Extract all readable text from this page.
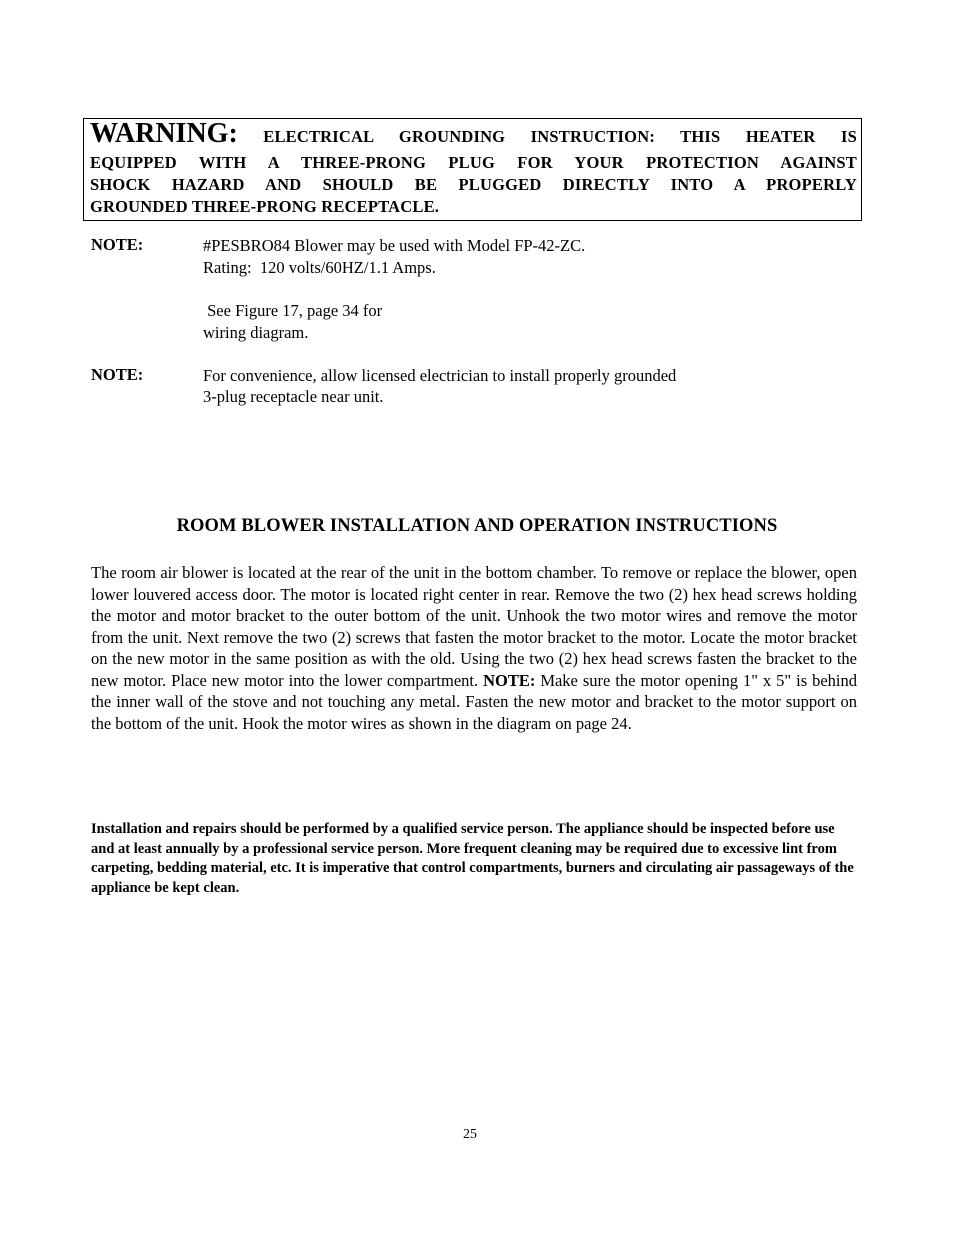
WARNING: ELECTRICAL GROUNDING INSTRUCTION: THIS HEATER IS
EQUIPPED WITH A THREE-PRONG PLUG FOR YOUR PROTECTION AGAINST
SHOCK HAZARD AND SHOULD BE PLUGGED DIRECTLY INTO A PROPERLY
GROUNDED THREE-PRONG RECEPTACLE.
NOTE:	#PESBRO84 Blower may be used with Model FP-42-ZC.
Rating:  120 volts/60HZ/1.1 Amps.
See Figure 17, page 34 for
wiring diagram.
NOTE:	For convenience, allow licensed electrician to install properly grounded
3-plug receptacle near unit.
ROOM BLOWER INSTALLATION AND OPERATION INSTRUCTIONS
The room air blower is located at the rear of the unit in the bottom chamber. To remove or replace the blower, open lower louvered access door. The motor is located right center in rear. Remove the two (2) hex head screws holding the motor and motor bracket to the outer bottom of the unit. Unhook the two motor wires and remove the motor from the unit. Next remove the two (2) screws that fasten the motor bracket to the motor. Locate the motor bracket on the new motor in the same position as with the old. Using the two (2) hex head screws fasten the bracket to the new motor. Place new motor into the lower compartment. NOTE: Make sure the motor opening 1" x 5" is behind the inner wall of the stove and not touching any metal. Fasten the new motor and bracket to the motor support on the bottom of the unit. Hook the motor wires as shown in the diagram on page 24.
Installation and repairs should be performed by a qualified service person. The appliance should be inspected before use and at least annually by a professional service person. More frequent cleaning may be required due to excessive lint from carpeting, bedding material, etc. It is imperative that control compartments, burners and circulating air passageways of the appliance be kept clean.
25
